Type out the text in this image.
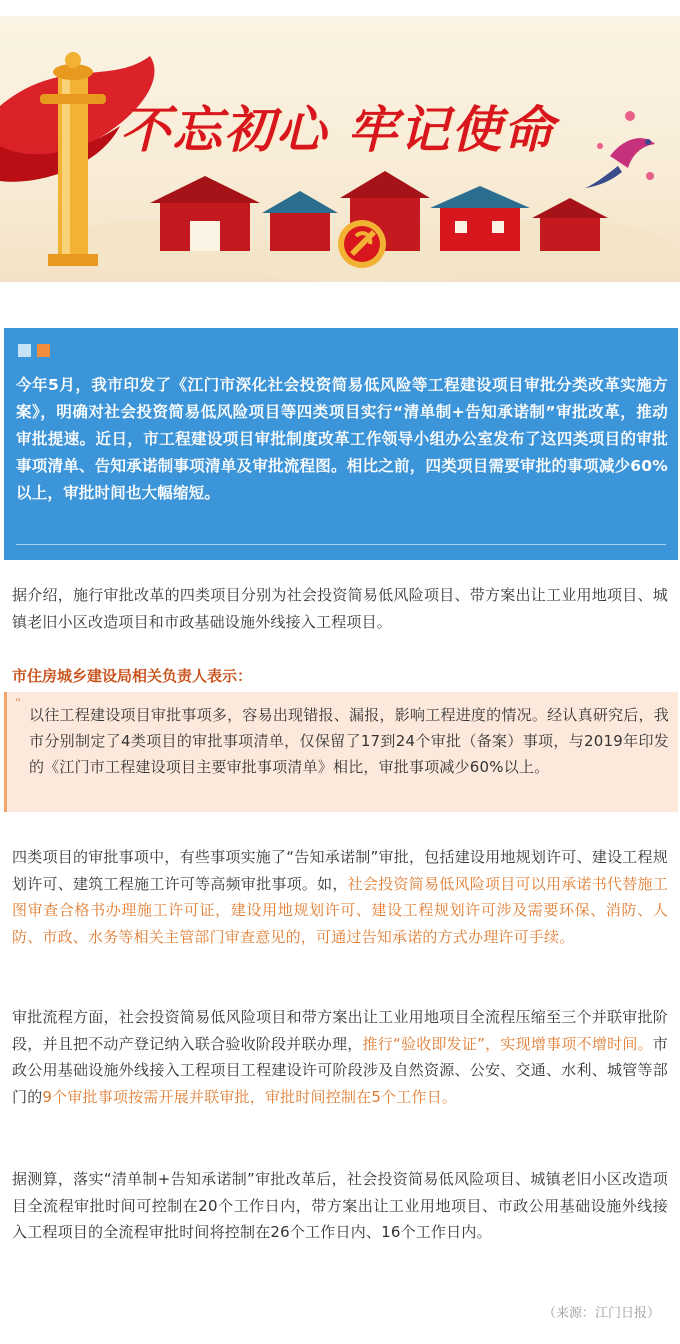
不忘初心 牢记使命
今年5月，我市印发了《江门市深化社会投资简易低风险等工程建设项目审批分类改革实施方案》，明确对社会投资简易低风险项目等四类项目实行“清单制+告知承诺制”审批改革，推动审批提速。近日，市工程建设项目审批制度改革工作领导小组办公室发布了这四类项目的审批事项清单、告知承诺制事项清单及审批流程图。相比之前，四类项目需要审批的事项减少60%以上，审批时间也大幅缩短。
据介绍，施行审批改革的四类项目分别为社会投资简易低风险项目、带方案出让工业用地项目、城镇老旧小区改造项目和市政基础设施外线接入工程项目。
市住房城乡建设局相关负责人表示：
“
以往工程建设项目审批事项多，容易出现错报、漏报，影响工程进度的情况。经认真研究后，我市分别制定了4类项目的审批事项清单，仅保留了17到24个审批（备案）事项，与2019年印发的《江门市工程建设项目主要审批事项清单》相比，审批事项减少60%以上。
四类项目的审批事项中，有些事项实施了“告知承诺制”审批，包括建设用地规划许可、建设工程规划许可、建筑工程施工许可等高频审批事项。如，社会投资简易低风险项目可以用承诺书代替施工图审查合格书办理施工许可证，建设用地规划许可、建设工程规划许可涉及需要环保、消防、人防、市政、水务等相关主管部门审查意见的，可通过告知承诺的方式办理许可手续。
审批流程方面，社会投资简易低风险项目和带方案出让工业用地项目全流程压缩至三个并联审批阶段，并且把不动产登记纳入联合验收阶段并联办理，推行“验收即发证”，实现增事项不增时间。市政公用基础设施外线接入工程项目工程建设许可阶段涉及自然资源、公安、交通、水利、城管等部门的9个审批事项按需开展并联审批，审批时间控制在5个工作日。
据测算，落实“清单制+告知承诺制”审批改革后，社会投资简易低风险项目、城镇老旧小区改造项目全流程审批时间可控制在20个工作日内，带方案出让工业用地项目、市政公用基础设施外线接入工程项目的全流程审批时间将控制在26个工作日内、16个工作日内。
（来源：江门日报）
